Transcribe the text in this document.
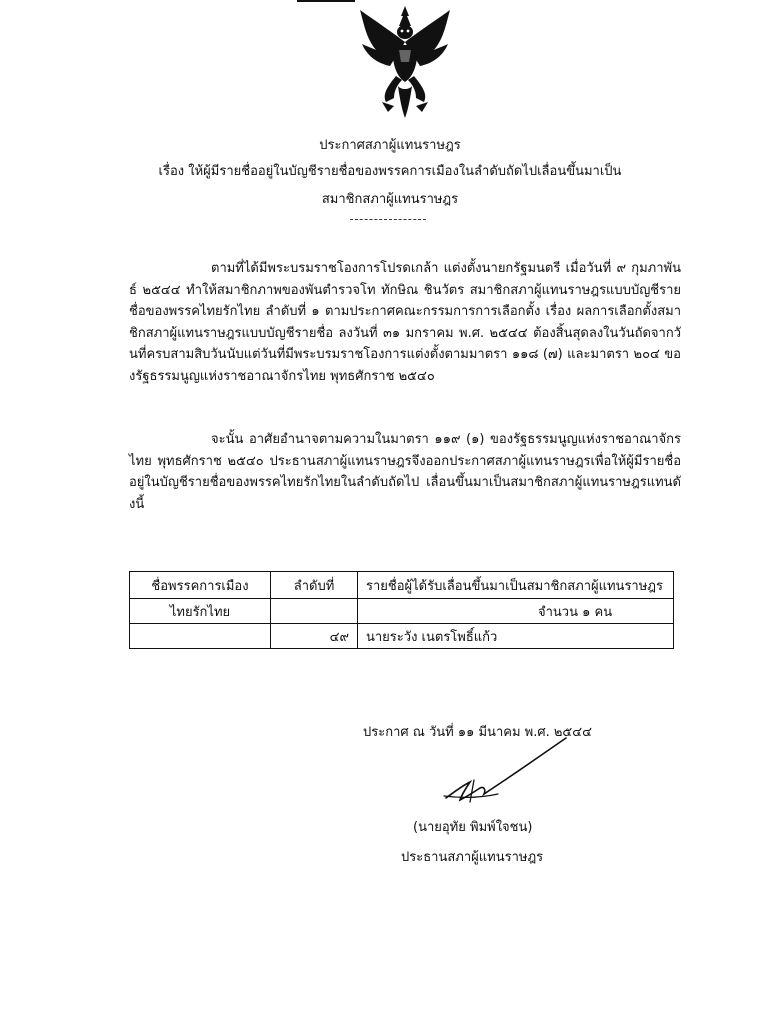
ประกาศสภาผู้แทนราษฎร
เรื่อง ให้ผู้มีรายชื่ออยู่ในบัญชีรายชื่อของพรรคการเมืองในลำดับถัดไปเลื่อนขึ้นมาเป็น
สมาชิกสภาผู้แทนราษฎร
ตามที่ได้มีพระบรมราชโองการโปรดเกล้า แต่งตั้งนายกรัฐมนตรี เมื่อวันที่ ๙ กุมภาพันธ์ ๒๕๔๔ ทำให้สมาชิกภาพของพันตำรวจโท ทักษิณ ชินวัตร สมาชิกสภาผู้แทนราษฎรแบบบัญชีรายชื่อของพรรคไทยรักไทย ลำดับที่ ๑ ตามประกาศคณะกรรมการการเลือกตั้ง เรื่อง ผลการเลือกตั้งสมาชิกสภาผู้แทนราษฎรแบบบัญชีรายชื่อ ลงวันที่ ๓๑ มกราคม พ.ศ. ๒๕๔๔ ต้องสิ้นสุดลงในวันถัดจากวันที่ครบสามสิบวันนับแต่วันที่มีพระบรมราชโองการแต่งตั้งตามมาตรา ๑๑๘ (๗) และมาตรา ๒๐๔ ของรัฐธรรมนูญแห่งราชอาณาจักรไทย พุทธศักราช ๒๕๔๐
จะนั้น อาศัยอำนาจตามความในมาตรา ๑๑๙ (๑) ของรัฐธรรมนูญแห่งราชอาณาจักรไทย พุทธศักราช ๒๕๔๐ ประธานสภาผู้แทนราษฎรจึงออกประกาศสภาผู้แทนราษฎรเพื่อให้ผู้มีรายชื่ออยู่ในบัญชีรายชื่อของพรรคไทยรักไทยในลำดับถัดไป เลื่อนขึ้นมาเป็นสมาชิกสภาผู้แทนราษฎรแทนดังนี้
ชื่อพรรคการเมือง	ลำดับที่	รายชื่อผู้ได้รับเลื่อนขึ้นมาเป็นสมาชิกสภาผู้แทนราษฎร
ไทยรักไทย		จำนวน ๑ คน
	๔๙	นายระวัง เนตรโพธิ์แก้ว
ประกาศ ณ วันที่ ๑๑ มีนาคม พ.ศ. ๒๕๔๔
(นายอุทัย พิมพ์ใจชน)
ประธานสภาผู้แทนราษฎร
